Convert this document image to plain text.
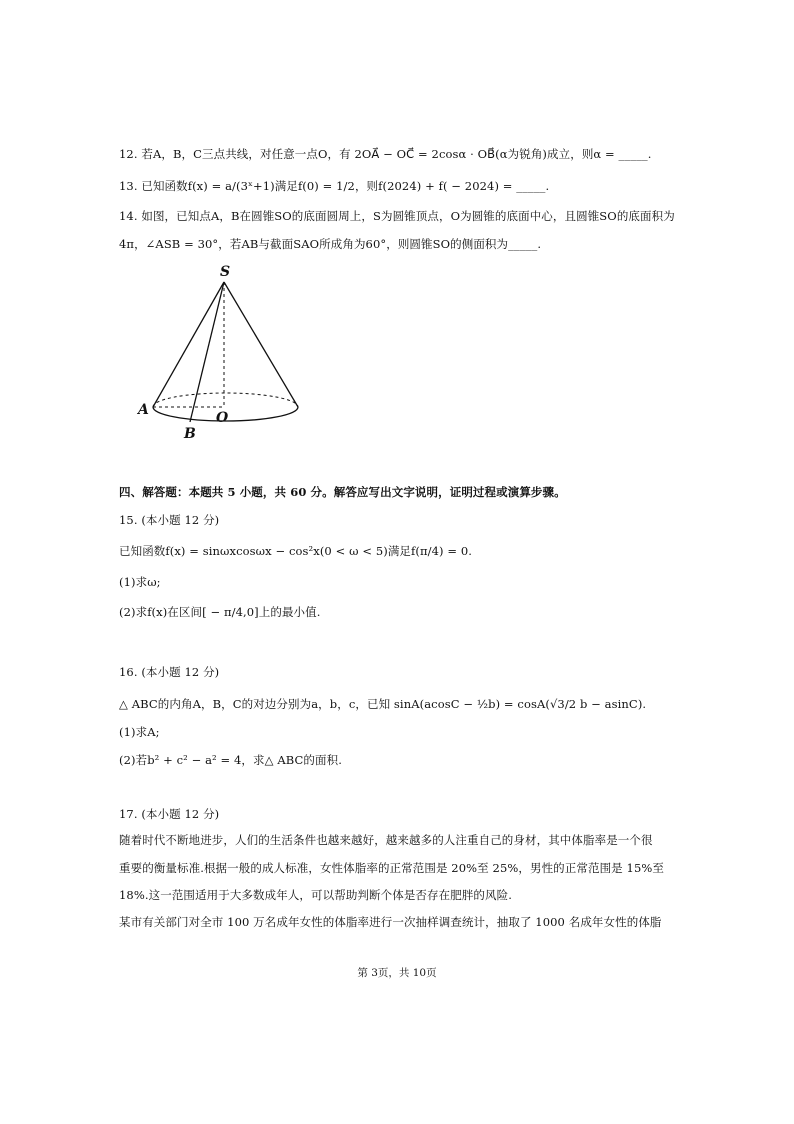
12. 若A，B，C三点共线，对任意一点O，有 2OA⃗ − OC⃗ = 2cosα · OB⃗(α为锐角)成立，则α = _____.
13. 已知函数f(x) = a/(3ˣ+1)满足f(0) = 1/2，则f(2024) + f( − 2024) = _____.
14. 如图，已知点A，B在圆锥SO的底面圆周上，S为圆锥顶点，O为圆锥的底面中心，且圆锥SO的底面积为
4π，∠ASB = 30°，若AB与截面SAO所成角为60°，则圆锥SO的侧面积为_____.
S
A	O
B
四、解答题：本题共 5 小题，共 60 分。解答应写出文字说明，证明过程或演算步骤。
15. (本小题 12 分)
已知函数f(x) = sinωxcosωx − cos²x(0 < ω < 5)满足f(π/4) = 0.
(1)求ω;
(2)求f(x)在区间[ − π/4,0]上的最小值.
16. (本小题 12 分)
△ ABC的内角A，B，C的对边分别为a，b，c，已知 sinA(acosC − ½b) = cosA(√3/2 b − asinC).
(1)求A;
(2)若b² + c² − a² = 4，求△ ABC的面积.
17. (本小题 12 分)
随着时代不断地进步，人们的生活条件也越来越好，越来越多的人注重自己的身材，其中体脂率是一个很
重要的衡量标准.根据一般的成人标准，女性体脂率的正常范围是 20%至 25%，男性的正常范围是 15%至
18%.这一范围适用于大多数成年人，可以帮助判断个体是否存在肥胖的风险.
某市有关部门对全市 100 万名成年女性的体脂率进行一次抽样调查统计，抽取了 1000 名成年女性的体脂
第 3页，共 10页
